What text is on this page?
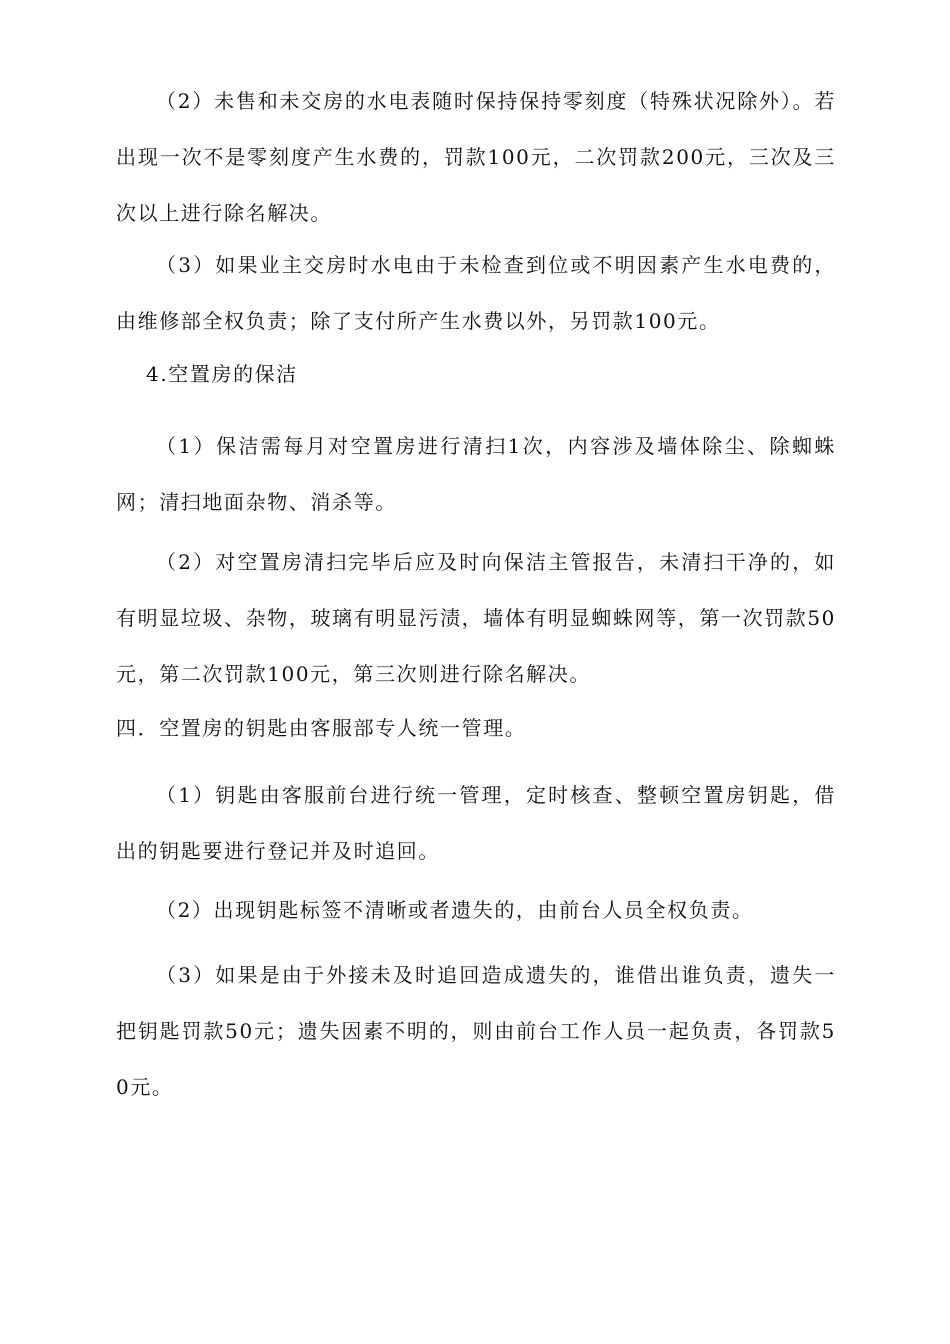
（2）未售和未交房的水电表随时保持保持零刻度（特殊状况除外）。若出现一次不是零刻度产生水费的，罚款100元，二次罚款200元，三次及三次以上进行除名解决。

（3）如果业主交房时水电由于未检查到位或不明因素产生水电费的，由维修部全权负责；除了支付所产生水费以外，另罚款100元。

4.空置房的保洁

（1）保洁需每月对空置房进行清扫1次，内容涉及墙体除尘、除蜘蛛网；清扫地面杂物、消杀等。

（2）对空置房清扫完毕后应及时向保洁主管报告，未清扫干净的，如有明显垃圾、杂物，玻璃有明显污渍，墙体有明显蜘蛛网等，第一次罚款50元，第二次罚款100元，第三次则进行除名解决。

四．空置房的钥匙由客服部专人统一管理。

（1）钥匙由客服前台进行统一管理，定时核查、整顿空置房钥匙，借出的钥匙要进行登记并及时追回。

（2）出现钥匙标签不清晰或者遗失的，由前台人员全权负责。

（3）如果是由于外接未及时追回造成遗失的，谁借出谁负责，遗失一把钥匙罚款50元；遗失因素不明的，则由前台工作人员一起负责，各罚款50元。
